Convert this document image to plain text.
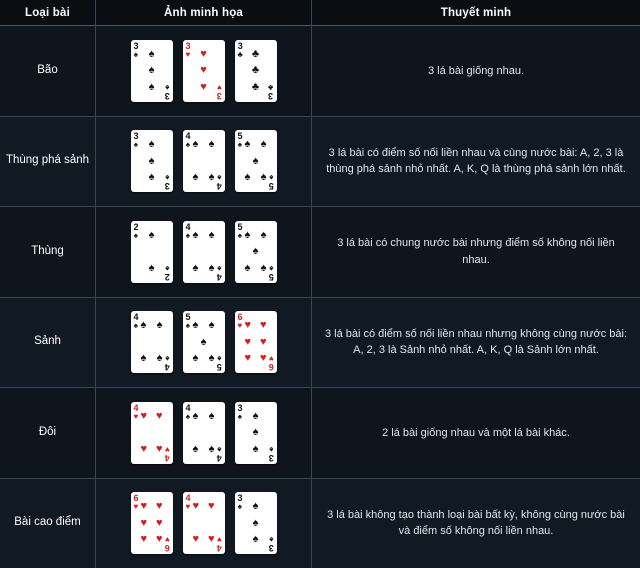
Loại bài	Ảnh minh họa	Thuyết minh
Bão
3
♠
3
♠
♠
♠
♠
3
♥
3
♥
♥
♥
♥
3
♣
3
♣
♣
♣
♣
3 lá bài giống nhau.
Thùng phá sảnh
3
♠
3
♠
♠
♠
♠
4
♠
4
♠
♠ ♠
♠ ♠
5
♠
5
♠
♠ ♠
♠
♠ ♠
3 lá bài có điểm số nối liền nhau và cùng nước bài: A, 2, 3 là thùng phá sảnh nhỏ nhất. A, K, Q là thùng phá sảnh lớn nhất.
Thùng
2
♠
2
♠
♠
♠
4
♠
4
♠
♠ ♠
♠ ♠
5
♠
5
♠
♠ ♠
♠
♠ ♠
3 lá bài có chung nước bài nhưng điểm số không nối liền nhau.
Sảnh
4
♠
4
♠
♠ ♠
♠ ♠
5
♠
5
♠
♠ ♠
♠
♠ ♠
6
♥
6
♥
♥ ♥
♥ ♥
♥ ♥
3 lá bài có điểm số nối liền nhau nhưng không cùng nước bài: A, 2, 3 là Sảnh nhỏ nhất. A, K, Q là Sảnh lớn nhất.
Đôi
4
♥
4
♥
♥ ♥
♥ ♥
4
♠
4
♠
♠ ♠
♠ ♠
3
♠
3
♠
♠
♠
♠
2 lá bài giống nhau và một lá bài khác.
Bài cao điểm
6
♥
6
♥
♥ ♥
♥ ♥
♥ ♥
4
♥
4
♥
♥ ♥
♥ ♥
3
♠
3
♠
♠
♠
♠
3 lá bài không tạo thành loại bài bất kỳ, không cùng nước bài và điểm số không nối liền nhau.
